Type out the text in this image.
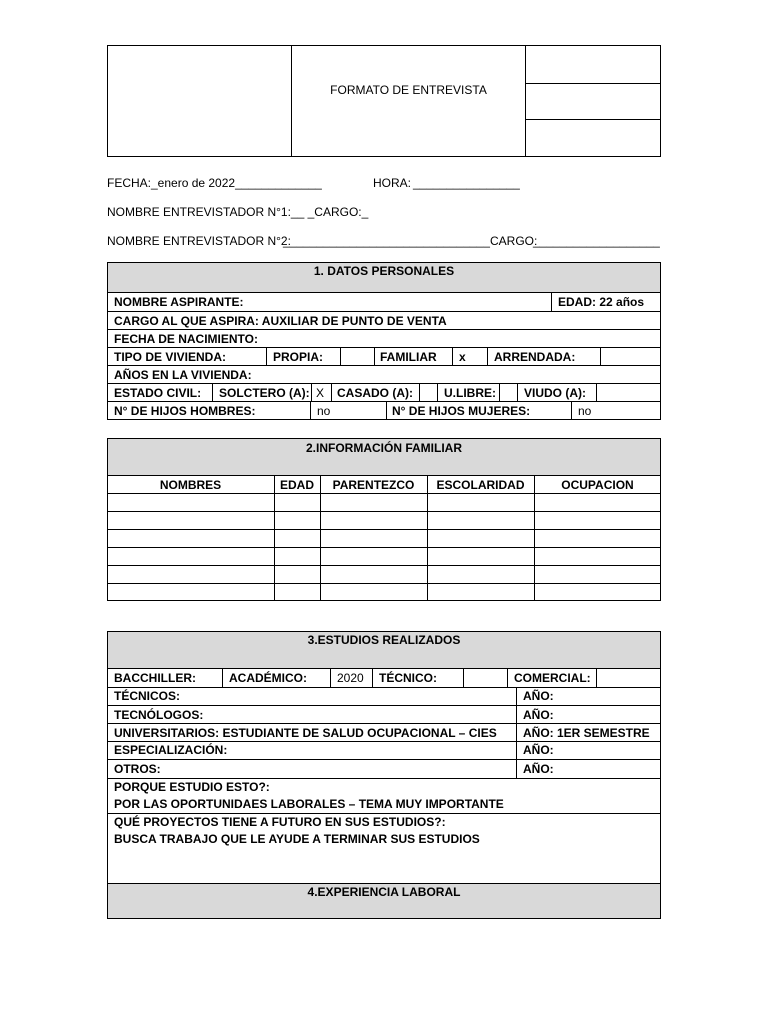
FORMATO DE ENTREVISTA
FECHA: _enero de 2022_____________	HORA: ________________
NOMBRE ENTREVISTADOR N°1:__ _CARGO:_
NOMBRE ENTREVISTADOR N°2:
_______________________________ CARGO:
___________________
1. DATOS PERSONALES
NOMBRE ASPIRANTE:	EDAD: 22 años
CARGO AL QUE ASPIRA: AUXILIAR DE PUNTO DE VENTA
FECHA DE NACIMIENTO:
TIPO DE VIVIENDA:	PROPIA:	FAMILIAR x ARRENDADA:
AÑOS EN LA VIVIENDA:
ESTADO CIVIL: SOLCTERO (A): X CASADO (A):	U.LIBRE: VIUDO (A):
N° DE HIJOS HOMBRES:	no	N° DE HIJOS MUJERES:	no
2.INFORMACIÓN FAMILIAR
NOMBRES	EDAD	PARENTEZCO	ESCOLARIDAD	OCUPACION
3.ESTUDIOS REALIZADOS
BACCHILLER:	ACADÉMICO:	2020 TÉCNICO:	COMERCIAL:
TÉCNICOS:	AÑO:
TECNÓLOGOS:	AÑO:
UNIVERSITARIOS: ESTUDIANTE DE SALUD OCUPACIONAL – CIES AÑO: 1ER SEMESTRE
ESPECIALIZACIÓN:	AÑO:
OTROS:	AÑO:
PORQUE ESTUDIO ESTO?:
POR LAS OPORTUNIDAES LABORALES – TEMA MUY IMPORTANTE
QUÉ PROYECTOS TIENE A FUTURO EN SUS ESTUDIOS?:
BUSCA TRABAJO QUE LE AYUDE A TERMINAR SUS ESTUDIOS
4.EXPERIENCIA LABORAL
